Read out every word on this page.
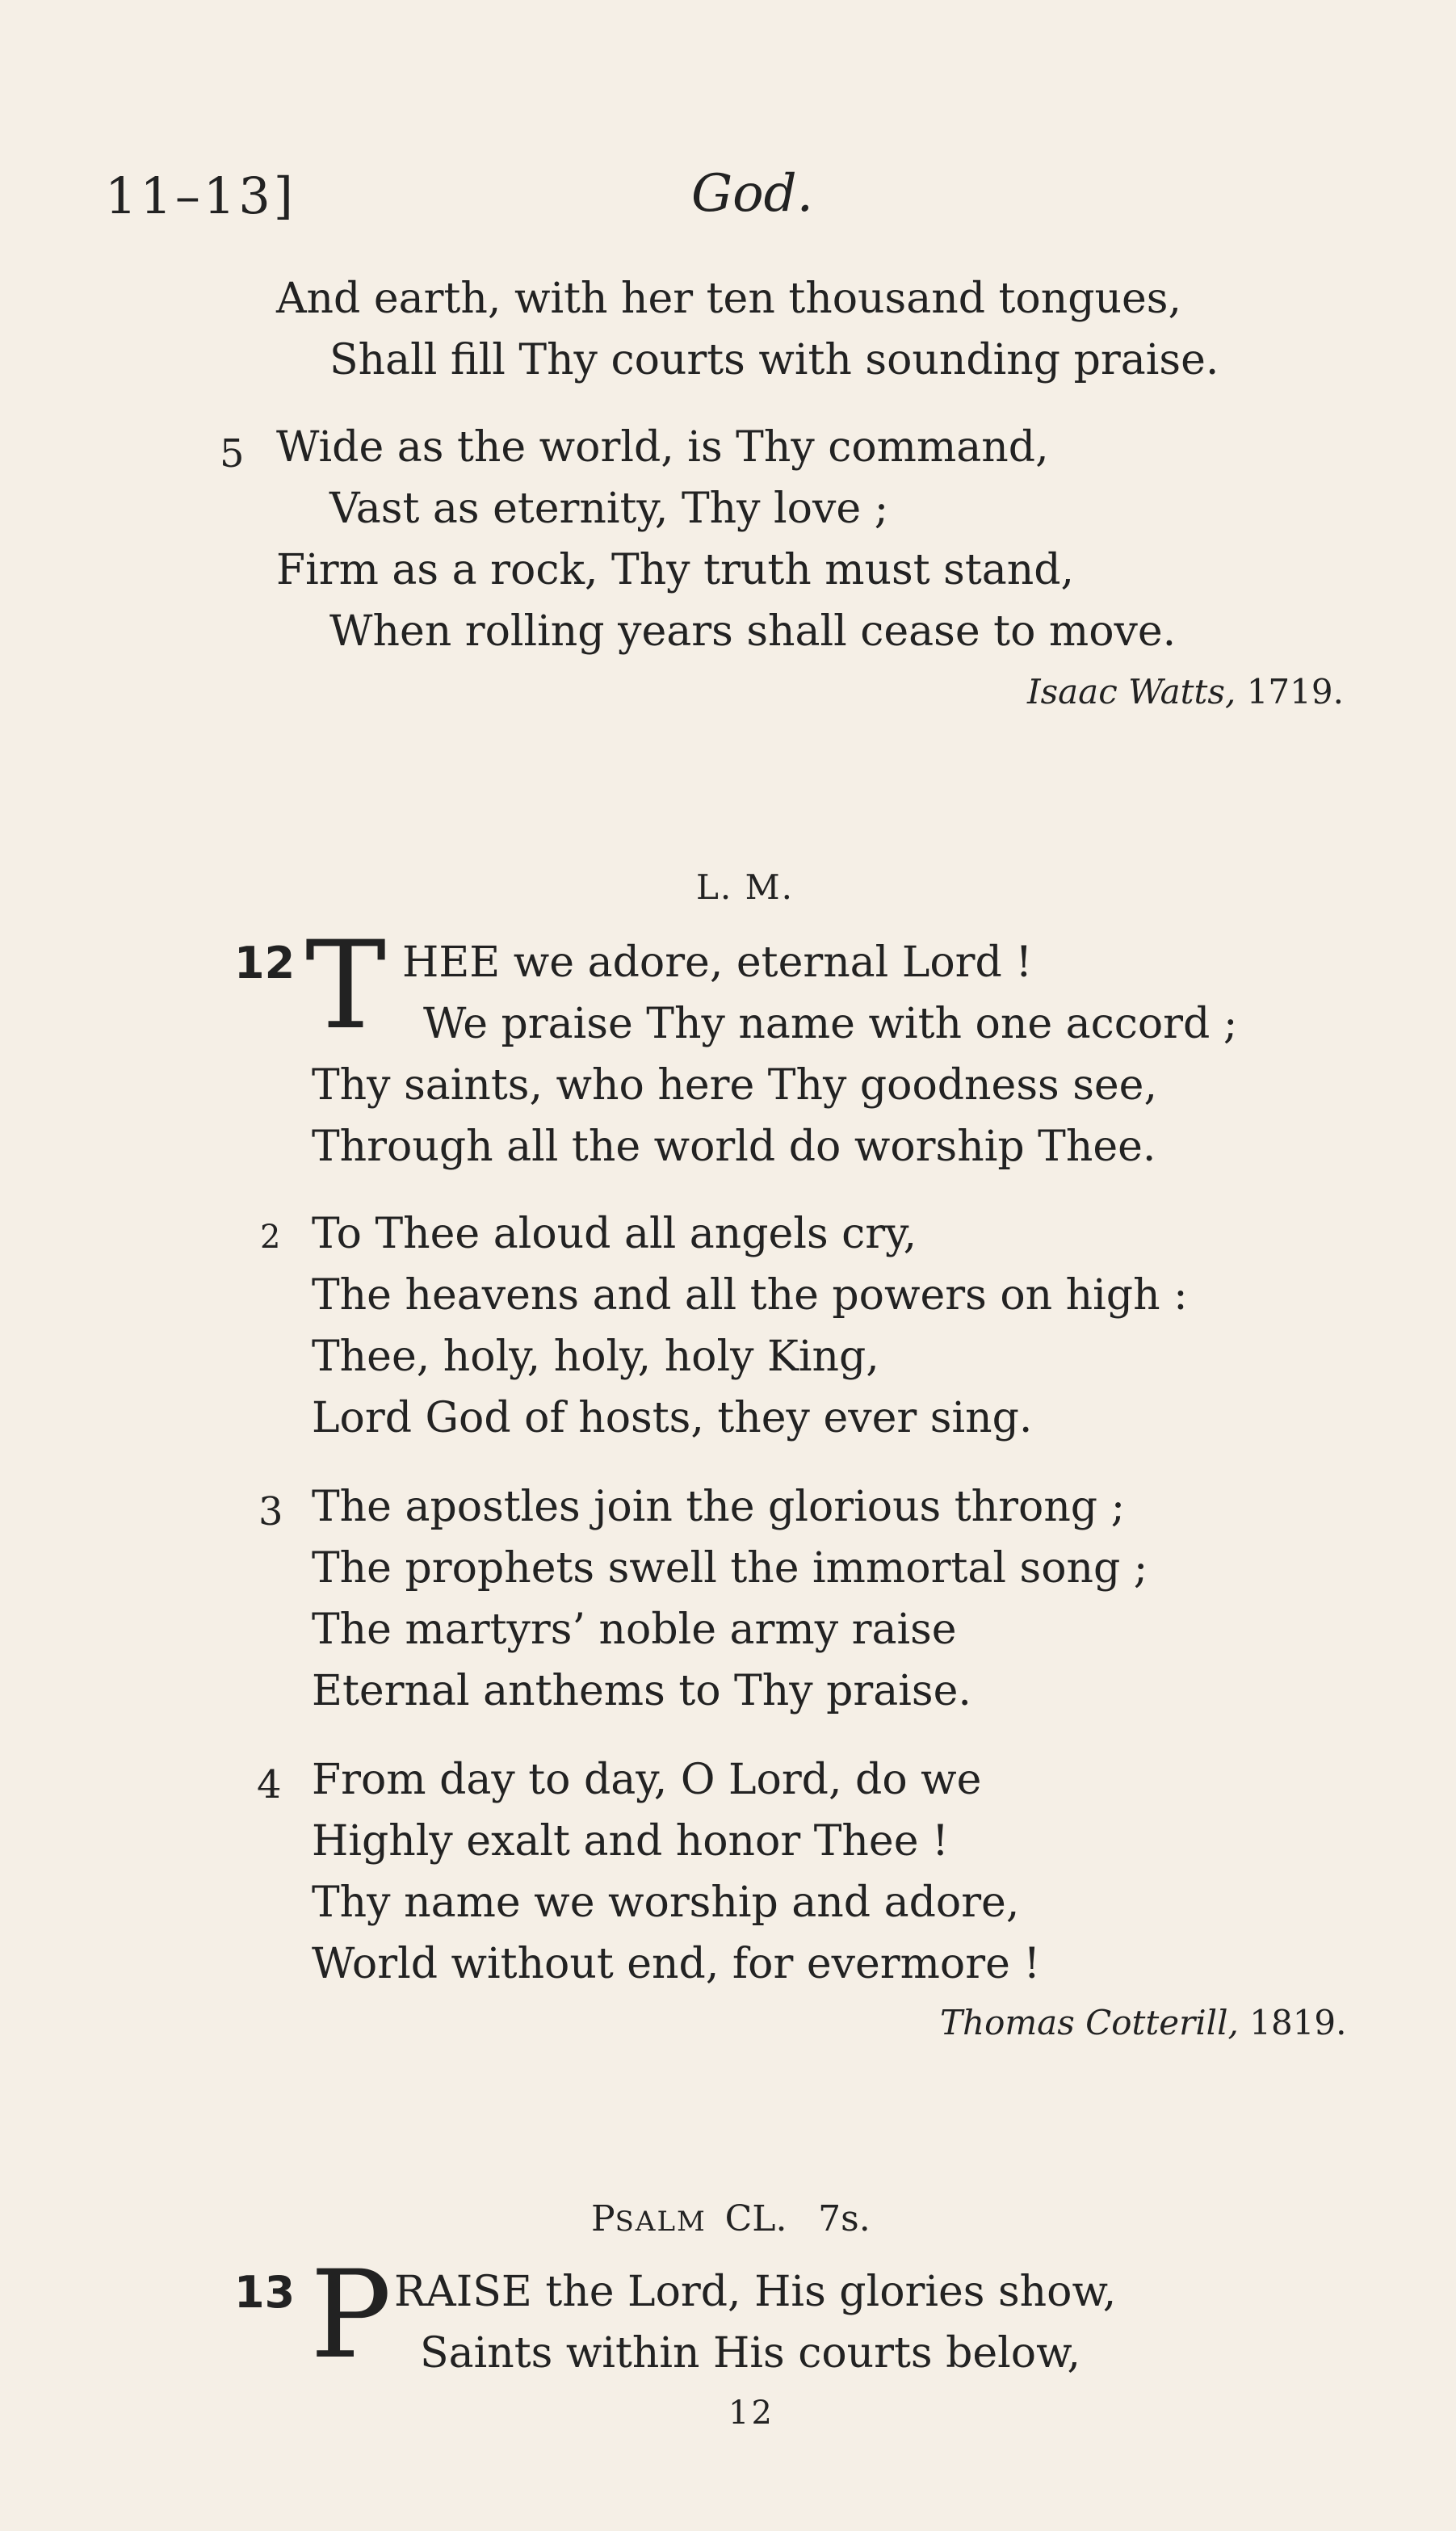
11–13]	God.
And earth, with her ten thousand tongues,
Shall fill Thy courts with sounding praise.
5 Wide as the world, is Thy command,
Vast as eternity, Thy love ;
Firm as a rock, Thy truth must stand,
When rolling years shall cease to move.
Isaac Watts, 1719.
L. M.
12 T HEE we adore, eternal Lord !
We praise Thy name with one accord ;
Thy saints, who here Thy goodness see,
Through all the world do worship Thee.
2 To Thee aloud all angels cry,
The heavens and all the powers on high :
Thee, holy, holy, holy King,
Lord God of hosts, they ever sing.
3 The apostles join the glorious throng ;
The prophets swell the immortal song ;
The martyrs’ noble army raise
Eternal anthems to Thy praise.
4 From day to day, O Lord, do we
Highly exalt and honor Thee !
Thy name we worship and adore,
World without end, for evermore !
Thomas Cotterill, 1819.
PSALM CL. 7s.
13 P RAISE the Lord, His glories show,
Saints within His courts below,
12
